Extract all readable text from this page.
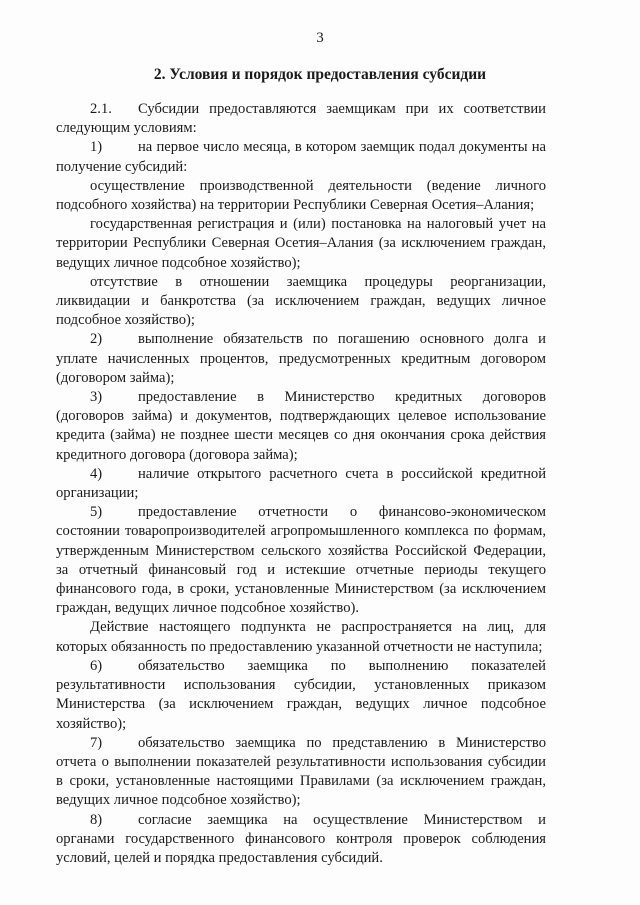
3
2. Условия и порядок предоставления субсидии

2.1. Субсидии предоставляются заемщикам при их соответствии следующим условиям:

1) на первое число месяца, в котором заемщик подал документы на получение субсидий:

осуществление производственной деятельности (ведение личного подсобного хозяйства) на территории Республики Северная Осетия–Алания;

государственная регистрация и (или) постановка на налоговый учет на территории Республики Северная Осетия–Алания (за исключением граждан, ведущих личное подсобное хозяйство);

отсутствие в отношении заемщика процедуры реорганизации, ликвидации и банкротства (за исключением граждан, ведущих личное подсобное хозяйство);

2) выполнение обязательств по погашению основного долга и уплате начисленных процентов, предусмотренных кредитным договором (договором займа);

3) предоставление в Министерство кредитных договоров (договоров займа) и документов, подтверждающих целевое использование кредита (займа) не позднее шести месяцев со дня окончания срока действия кредитного договора (договора займа);

4) наличие открытого расчетного счета в российской кредитной организации;

5) предоставление отчетности о финансово-экономическом состоянии товаропроизводителей агропромышленного комплекса по формам, утвержденным Министерством сельского хозяйства Российской Федерации, за отчетный финансовый год и истекшие отчетные периоды текущего финансового года, в сроки, установленные Министерством (за исключением граждан, ведущих личное подсобное хозяйство).

Действие настоящего подпункта не распространяется на лиц, для которых обязанность по предоставлению указанной отчетности не наступила;

6) обязательство заемщика по выполнению показателей результативности использования субсидии, установленных приказом Министерства (за исключением граждан, ведущих личное подсобное хозяйство);

7) обязательство заемщика по представлению в Министерство отчета о выполнении показателей результативности использования субсидии в сроки, установленные настоящими Правилами (за исключением граждан, ведущих личное подсобное хозяйство);

8) согласие заемщика на осуществление Министерством и органами государственного финансового контроля проверок соблюдения условий, целей и порядка предоставления субсидий.
